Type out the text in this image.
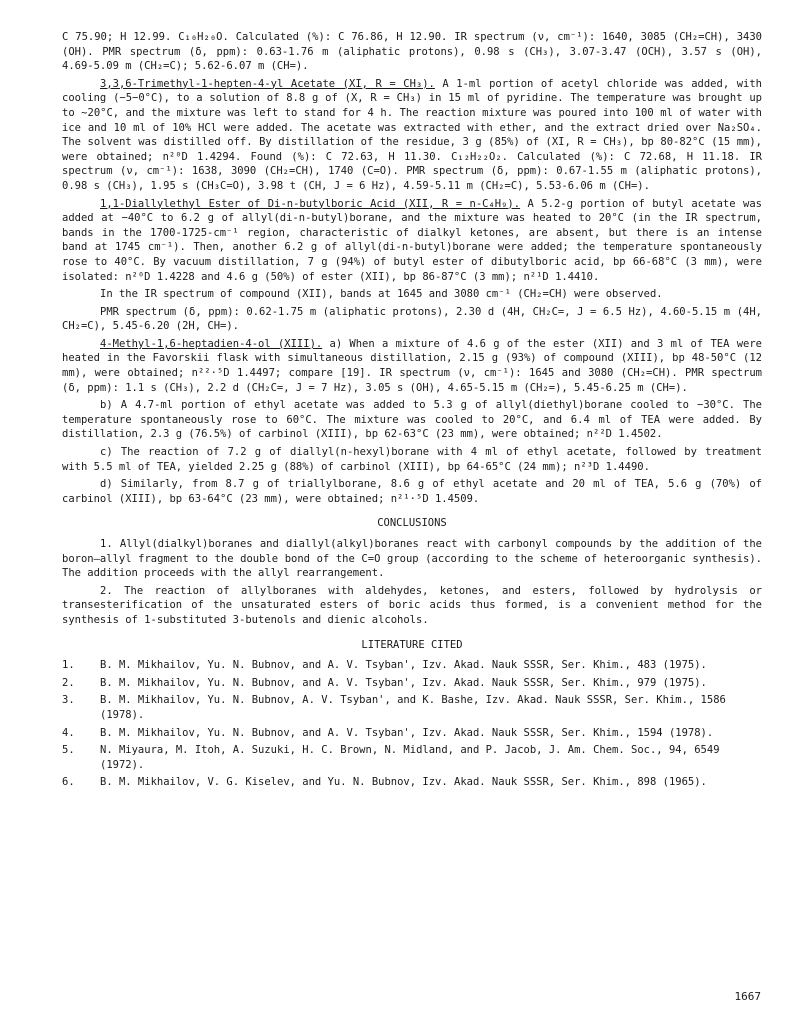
C 75.90; H 12.99. C₁₀H₂₀O. Calculated (%): C 76.86, H 12.90. IR spectrum (ν, cm⁻¹): 1640, 3085 (CH₂=CH), 3430 (OH). PMR spectrum (δ, ppm): 0.63-1.76 m (aliphatic protons), 0.98 s (CH₃), 3.07-3.47 (OCH), 3.57 s (OH), 4.69-5.09 m (CH₂=C); 5.62-6.07 m (CH=).

3,3,6-Trimethyl-1-hepten-4-yl Acetate (XI, R = CH₃). A 1-ml portion of acetyl chloride was added, with cooling (−5−0°C), to a solution of 8.8 g of (X, R = CH₃) in 15 ml of pyridine. The temperature was brought up to ~20°C, and the mixture was left to stand for 4 h. The reaction mixture was poured into 100 ml of water with ice and 10 ml of 10% HCl were added. The acetate was extracted with ether, and the extract dried over Na₂SO₄. The solvent was distilled off. By distillation of the residue, 3 g (85%) of (XI, R = CH₃), bp 80-82°C (15 mm), were obtained; n²⁰D 1.4294. Found (%): C 72.63, H 11.30. C₁₂H₂₂O₂. Calculated (%): C 72.68, H 11.18. IR spectrum (ν, cm⁻¹): 1638, 3090 (CH₂=CH), 1740 (C=O). PMR spectrum (δ, ppm): 0.67-1.55 m (aliphatic protons), 0.98 s (CH₃), 1.95 s (CH₃C=O), 3.98 t (CH, J = 6 Hz), 4.59-5.11 m (CH₂=C), 5.53-6.06 m (CH=).

1,1-Diallylethyl Ester of Di-n-butylboric Acid (XII, R = n-C₄H₉). A 5.2-g portion of butyl acetate was added at −40°C to 6.2 g of allyl(di-n-butyl)borane, and the mixture was heated to 20°C (in the IR spectrum, bands in the 1700-1725-cm⁻¹ region, characteristic of dialkyl ketones, are absent, but there is an intense band at 1745 cm⁻¹). Then, another 6.2 g of allyl(di-n-butyl)borane were added; the temperature spontaneously rose to 40°C. By vacuum distillation, 7 g (94%) of butyl ester of dibutylboric acid, bp 66-68°C (3 mm), were isolated: n²⁰D 1.4228 and 4.6 g (50%) of ester (XII), bp 86-87°C (3 mm); n²¹D 1.4410.

In the IR spectrum of compound (XII), bands at 1645 and 3080 cm⁻¹ (CH₂=CH) were observed.

PMR spectrum (δ, ppm): 0.62-1.75 m (aliphatic protons), 2.30 d (4H, CH₂C=, J = 6.5 Hz), 4.60-5.15 m (4H, CH₂=C), 5.45-6.20 (2H, CH=).

4-Methyl-1,6-heptadien-4-ol (XIII). a) When a mixture of 4.6 g of the ester (XII) and 3 ml of TEA were heated in the Favorskii flask with simultaneous distillation, 2.15 g (93%) of compound (XIII), bp 48-50°C (12 mm), were obtained; n²²·⁵D 1.4497; compare [19]. IR spectrum (ν, cm⁻¹): 1645 and 3080 (CH₂=CH). PMR spectrum (δ, ppm): 1.1 s (CH₃), 2.2 d (CH₂C=, J = 7 Hz), 3.05 s (OH), 4.65-5.15 m (CH₂=), 5.45-6.25 m (CH=).

b) A 4.7-ml portion of ethyl acetate was added to 5.3 g of allyl(diethyl)borane cooled to −30°C. The temperature spontaneously rose to 60°C. The mixture was cooled to 20°C, and 6.4 ml of TEA were added. By distillation, 2.3 g (76.5%) of carbinol (XIII), bp 62-63°C (23 mm), were obtained; n²²D 1.4502.

c) The reaction of 7.2 g of diallyl(n-hexyl)borane with 4 ml of ethyl acetate, followed by treatment with 5.5 ml of TEA, yielded 2.25 g (88%) of carbinol (XIII), bp 64-65°C (24 mm); n²³D 1.4490.

d) Similarly, from 8.7 g of triallylborane, 8.6 g of ethyl acetate and 20 ml of TEA, 5.6 g (70%) of carbinol (XIII), bp 63-64°C (23 mm), were obtained; n²¹·⁵D 1.4509.

CONCLUSIONS

1. Allyl(dialkyl)boranes and diallyl(alkyl)boranes react with carbonyl compounds by the addition of the boron—allyl fragment to the double bond of the C=O group (according to the scheme of heteroorganic synthesis). The addition proceeds with the allyl rearrangement.

2. The reaction of allylboranes with aldehydes, ketones, and esters, followed by hydrolysis or transesterification of the unsaturated esters of boric acids thus formed, is a convenient method for the synthesis of 1-substituted 3-butenols and dienic alcohols.

LITERATURE CITED
1.	B. M. Mikhailov, Yu. N. Bubnov, and A. V. Tsyban', Izv. Akad. Nauk SSSR, Ser. Khim., 483 (1975).
2.	B. M. Mikhailov, Yu. N. Bubnov, and A. V. Tsyban', Izv. Akad. Nauk SSSR, Ser. Khim., 979 (1975).
3.	B. M. Mikhailov, Yu. N. Bubnov, A. V. Tsyban', and K. Bashe, Izv. Akad. Nauk SSSR, Ser. Khim., 1586 (1978).
4.	B. M. Mikhailov, Yu. N. Bubnov, and A. V. Tsyban', Izv. Akad. Nauk SSSR, Ser. Khim., 1594 (1978).
5.	N. Miyaura, M. Itoh, A. Suzuki, H. C. Brown, N. Midland, and P. Jacob, J. Am. Chem. Soc., 94, 6549 (1972).
6.	B. M. Mikhailov, V. G. Kiselev, and Yu. N. Bubnov, Izv. Akad. Nauk SSSR, Ser. Khim., 898 (1965).
1667
